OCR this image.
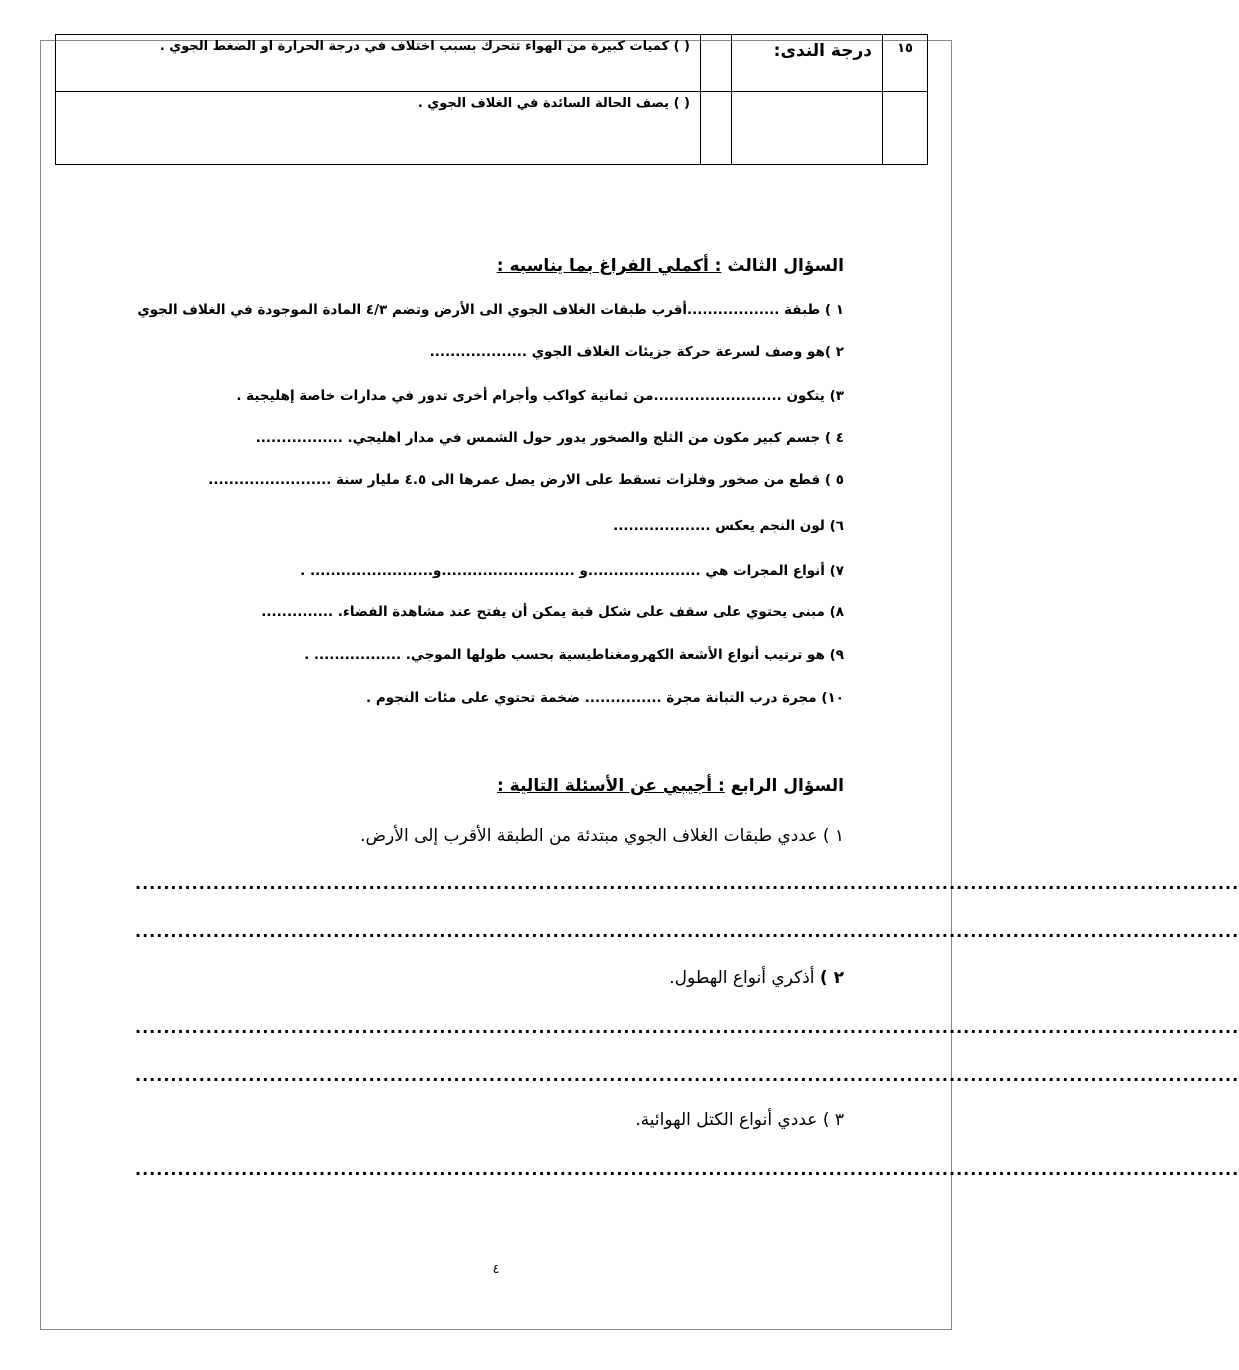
١٥	درجة الندى:		( ) كميات كبيرة من الهواء تتحرك بسبب اختلاف في درجة الحرارة او الضغط الجوي .
			( ) يصف الحالة السائدة في الغلاف الجوي .
السؤال الثالث : أكملي الفراغ بما يناسبه :
١ ) طبقة ..................أقرب طبقات الغلاف الجوي الى الأرض وتضم ٤/٣ المادة الموجودة في الغلاف الجوي
٢ )هو وصف لسرعة حركة جزيئات الغلاف الجوي ...................
٣) يتكون .........................من ثمانية كواكب وأجرام أخرى تدور في مدارات خاصة إهليجية .
٤ ) جسم كبير مكون من الثلج والصخور يدور حول الشمس في مدار اهليجي. .................
٥ ) قطع من صخور وفلزات تسقط على الارض يصل عمرها الى ٤.٥ مليار سنة ........................
٦) لون النجم يعكس ...................
٧) أنواع المجرات هي ......................و ..........................و........................ .
٨) مبنى يحتوي على سقف على شكل قبة يمكن أن يفتح عند مشاهدة الفضاء. ..............
٩) هو ترتيب أنواع الأشعة الكهرومغناطيسية بحسب طولها الموجي. ................. .
١٠) مجرة درب التبانة مجرة ............... ضخمة تحتوي على مئات النجوم .
السؤال الرابع : أجيبي عن الأسئلة التالية :
١ ) عددي طبقات الغلاف الجوي مبتدئة من الطبقة الأقرب إلى الأرض.
............................................................................................................................................................
............................................................................................................................................................
٢ ) أذكري أنواع الهطول.
............................................................................................................................................................
............................................................................................................................................................
٣ ) عددي أنواع الكتل الهوائية.
............................................................................................................................................................
٤
